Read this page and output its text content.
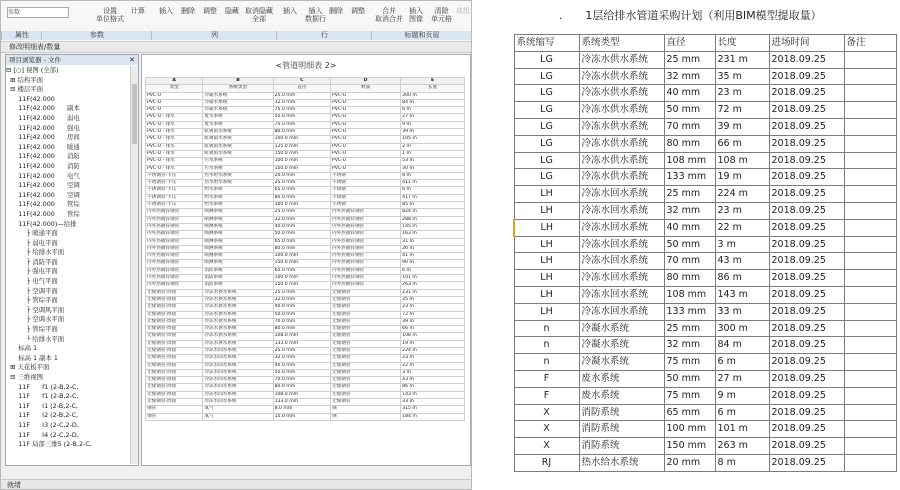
参数	设置
单位格式
计算 插入 删除 调整 隐藏 取消隐藏
全部
插入	插入
数据行
删除 调整	合并
取消合并
插入
图像
清除
单元格
成组
属性	参数	列	行	标题和页眉
修改明细表/数量
项目浏览器 - 文件	✕
⊟ [○] 视图 (全部)
⊞ 结构平面
⊟ 楼层平面
11F(42.000
11F(42.000      副本
11F(42.000      弱电
11F(42.000      强电
11F(42.000      房间
11F(42.000      暖通
11F(42.000      消防
11F(42.000      消防
11F(42.000      电气
11F(42.000      空调
11F(42.000      空调
11F(42.000      管综
11F(42.000      管综
11F(42.000)—给排
├ 暖通平面
├ 弱电平面
├ 给排水平面
├ 消防平面
├ 强电平面
├ 电气平面
├ 空调平面
├ 管综平面
├ 空调风平面
├ 空调水平面
├ 管综平面
└ 给排水平面
标高 1
标高 1 副本 1
⊞ 天花板平面
⊟ 三维视图
11F      f1 (2-B,2-C,
11F      f1 (2-B,2-C,
11F      I1 (2-B,2-C,
11F      I2 (2-B,2-C,
11F      I3 (2-C,2-D,
11F      I4 (2-C,2-D,
11F 局部三维5 (2-B,2-C,
<管道明细表 2>
A	B	C	D	E
类型	系统类型	直径	材质	长度
PVC-U	冷凝水系统	25.0 mm	PVC-U	300 m
PVC-U	冷凝水系统	32.0 mm	PVC-U	84 m
PVC-U	冷凝水系统	75.0 mm	PVC-U	6 m
PVC-U - 排水	废水系统	50.0 mm	PVC-U	27 m
PVC-U - 排水	废水系统	75.0 mm	PVC-U	9 m
PVC-U - 排水	虹吸雨水系统	80.0 mm	PVC-U	39 m
PVC-U - 排水	虹吸雨水系统	100.0 mm	PVC-U	105 m
PVC-U - 排水	虹吸雨水系统	125.0 mm	PVC-U	2 m
PVC-U - 排水	虹吸雨水系统	150.0 mm	PVC-U	1 m
PVC-U - 排水	污水系统	100.0 mm	PVC-U	53 m
PVC-U - 排水	污水系统	150.0 mm	PVC-U	30 m
不锈钢管-卡压	热水给水系统	20.0 mm	不锈钢	8 m
不锈钢管-卡压	热水给水系统	25.0 mm	不锈钢	411 m
不锈钢管-卡压	给水系统	65.0 mm	不锈钢	6 m
不锈钢管-卡压	给水系统	80.0 mm	不锈钢	417 m
不锈钢管-卡压	给水系统	100.0 mm	不锈钢	85 m
内外热镀锌钢管	喷淋系统	25.0 mm	内外热镀锌钢管	824 m
内外热镀锌钢管	喷淋系统	32.0 mm	内外热镀锌钢管	288 m
内外热镀锌钢管	喷淋系统	40.0 mm	内外热镀锌钢管	145 m
内外热镀锌钢管	喷淋系统	50.0 mm	内外热镀锌钢管	163 m
内外热镀锌钢管	喷淋系统	65.0 mm	内外热镀锌钢管	31 m
内外热镀锌钢管	喷淋系统	80.0 mm	内外热镀锌钢管	26 m
内外热镀锌钢管	喷淋系统	100.0 mm	内外热镀锌钢管	41 m
内外热镀锌钢管	喷淋系统	150.0 mm	内外热镀锌钢管	90 m
内外热镀锌钢管	消防系统	65.0 mm	内外热镀锌钢管	6 m
内外热镀锌钢管	消防系统	100.0 mm	内外热镀锌钢管	101 m
内外热镀锌钢管	消防系统	150.0 mm	内外热镀锌钢管	263 m
无缝钢管-焊接	冷冻水供水系统	25.0 mm	无缝钢管	231 m
无缝钢管-焊接	冷冻水供水系统	32.0 mm	无缝钢管	35 m
无缝钢管-焊接	冷冻水供水系统	40.0 mm	无缝钢管	23 m
无缝钢管-焊接	冷冻水供水系统	50.0 mm	无缝钢管	72 m
无缝钢管-焊接	冷冻水供水系统	70.0 mm	无缝钢管	39 m
无缝钢管-焊接	冷冻水供水系统	80.0 mm	无缝钢管	66 m
无缝钢管-焊接	冷冻水供水系统	108.0 mm	无缝钢管	108 m
无缝钢管-焊接	冷冻水供水系统	133.0 mm	无缝钢管	19 m
无缝钢管-焊接	冷冻水回水系统	25.0 mm	无缝钢管	224 m
无缝钢管-焊接	冷冻水回水系统	32.0 mm	无缝钢管	23 m
无缝钢管-焊接	冷冻水回水系统	40.0 mm	无缝钢管	22 m
无缝钢管-焊接	冷冻水回水系统	50.0 mm	无缝钢管	3 m
无缝钢管-焊接	冷冻水回水系统	70.0 mm	无缝钢管	43 m
无缝钢管-焊接	冷冻水回水系统	80.0 mm	无缝钢管	86 m
无缝钢管-焊接	冷冻水回水系统	108.0 mm	无缝钢管	143 m
无缝钢管-焊接	冷冻水回水系统	133.0 mm	无缝钢管	33 m
钢管	氧气	8.0 mm	钢	315 m
钢管	氧气	15.0 mm	钢	184 m
就绪
. 1层给排水管道采购计划（利用BIM模型提取量）
系统缩写	系统类型	直径	长度	进场时间	备注
LG	冷冻水供水系统	25 mm	231 m	2018.09.25	
LG	冷冻水供水系统	32 mm	35 m	2018.09.25	
LG	冷冻水供水系统	40 mm	23 m	2018.09.25	
LG	冷冻水供水系统	50 mm	72 m	2018.09.25	
LG	冷冻水供水系统	70 mm	39 m	2018.09.25	
LG	冷冻水供水系统	80 mm	66 m	2018.09.25	
LG	冷冻水供水系统	108 mm	108 m	2018.09.25	
LG	冷冻水供水系统	133 mm	19 m	2018.09.25	
LH	冷冻水回水系统	25 mm	224 m	2018.09.25	
LH	冷冻水回水系统	32 mm	23 m	2018.09.25	
LH	冷冻水回水系统	40 mm	22 m	2018.09.25	
LH	冷冻水回水系统	50 mm	3 m	2018.09.25	
LH	冷冻水回水系统	70 mm	43 m	2018.09.25	
LH	冷冻水回水系统	80 mm	86 m	2018.09.25	
LH	冷冻水回水系统	108 mm	143 m	2018.09.25	
LH	冷冻水回水系统	133 mm	33 m	2018.09.25	
n	冷凝水系统	25 mm	300 m	2018.09.25	
n	冷凝水系统	32 mm	84 m	2018.09.25	
n	冷凝水系统	75 mm	6 m	2018.09.25	
F	废水系统	50 mm	27 m	2018.09.25	
F	废水系统	75 mm	9 m	2018.09.25	
X	消防系统	65 mm	6 m	2018.09.25	
X	消防系统	100 mm	101 m	2018.09.25	
X	消防系统	150 mm	263 m	2018.09.25	
RJ	热水给水系统	20 mm	8 m	2018.09.25	
